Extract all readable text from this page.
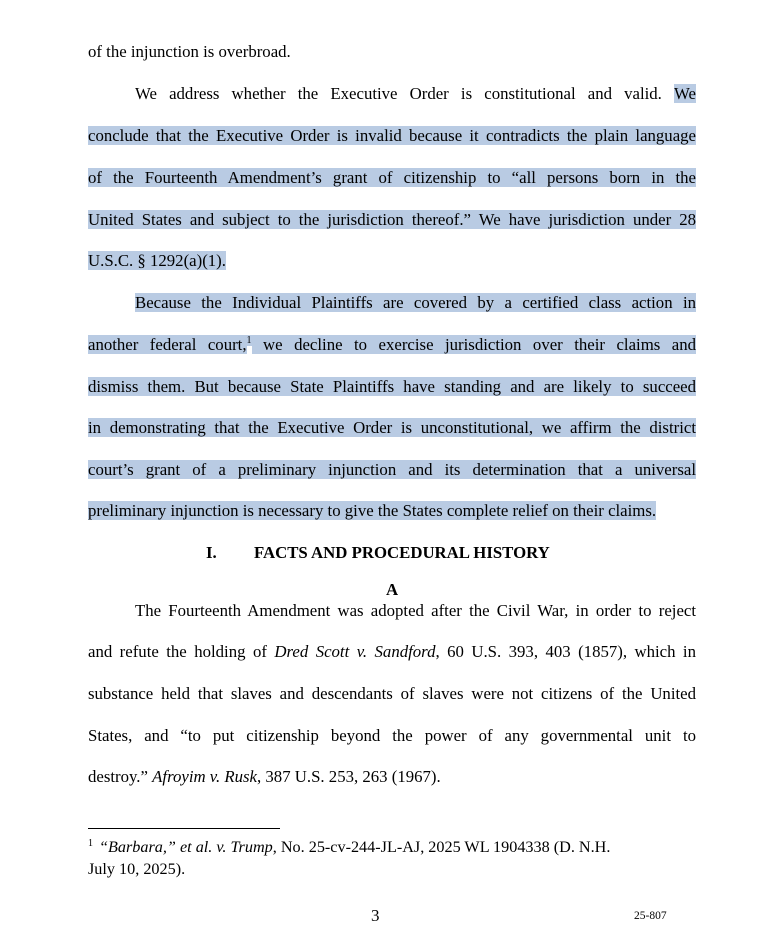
of the injunction is overbroad.
We address whether the Executive Order is constitutional and valid. We
conclude that the Executive Order is invalid because it contradicts the plain language
of the Fourteenth Amendment’s grant of citizenship to “all persons born in the
United States and subject to the jurisdiction thereof.” We have jurisdiction under 28
U.S.C. § 1292(a)(1).
Because the Individual Plaintiffs are covered by a certified class action in
another federal court,$^1$ we decline to exercise jurisdiction over their claims and
dismiss them. But because State Plaintiffs have standing and are likely to succeed
in demonstrating that the Executive Order is unconstitutional, we affirm the district
court’s grant of a preliminary injunction and its determination that a universal
preliminary injunction is necessary to give the States complete relief on their claims.
I. FACTS AND PROCEDURAL HISTORY
A
The Fourteenth Amendment was adopted after the Civil War, in order to reject
and refute the holding of Dred Scott v. Sandford, 60 U.S. 393, 403 (1857), which in
substance held that slaves and descendants of slaves were not citizens of the United
States, and “to put citizenship beyond the power of any governmental unit to
destroy.” Afroyim v. Rusk, 387 U.S. 253, 263 (1967).
$^1$ “Barbara,” et al. v. Trump, No. 25-cv-244-JL-AJ, 2025 WL 1904338 (D. N.H.
July 10, 2025).
3	25-807
